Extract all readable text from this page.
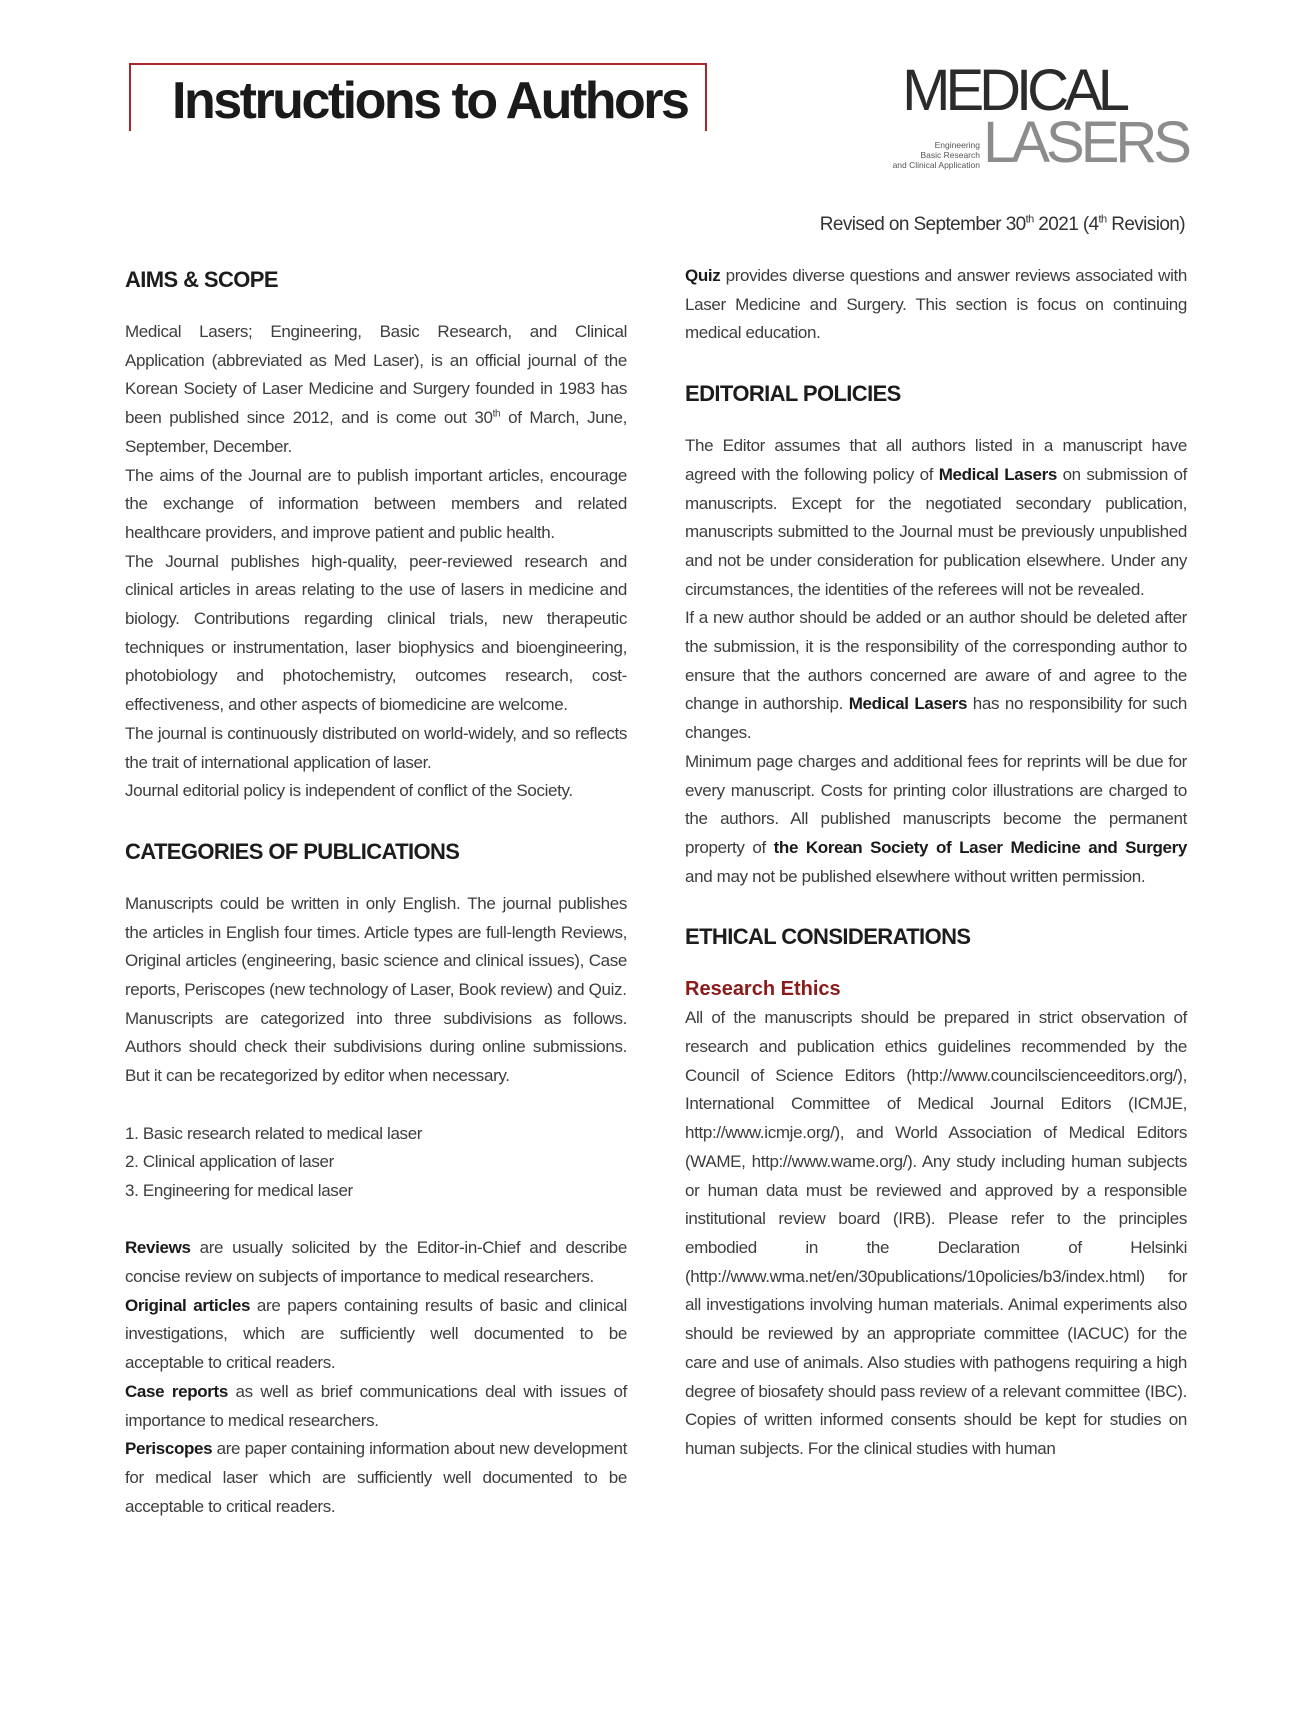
Instructions to Authors	MEDICAL
Engineering
Basic Research
and Clinical Application LASERS
Revised on September 30th 2021 (4th Revision)
AIMS & SCOPE

Medical Lasers; Engineering, Basic Research, and Clinical Application (abbreviated as Med Laser), is an official journal of the Korean Society of Laser Medicine and Surgery founded in 1983 has been published since 2012, and is come out 30th of March, June, September, December.

The aims of the Journal are to publish important articles, encourage the exchange of information between members and related healthcare providers, and improve patient and public health.

The Journal publishes high-quality, peer-reviewed research and clinical articles in areas relating to the use of lasers in medicine and biology. Contributions regarding clinical trials, new therapeutic techniques or instrumentation, laser biophysics and bioengineering, photobiology and photochemistry, outcomes research, cost-effectiveness, and other aspects of biomedicine are welcome.

The journal is continuously distributed on world-widely, and so reflects the trait of international application of laser.

Journal editorial policy is independent of conflict of the Society.

CATEGORIES OF PUBLICATIONS

Manuscripts could be written in only English. The journal publishes the articles in English four times. Article types are full-length Reviews, Original articles (engineering, basic science and clinical issues), Case reports, Periscopes (new technology of Laser, Book review) and Quiz.

Manuscripts are categorized into three subdivisions as follows. Authors should check their subdivisions during online submissions. But it can be recategorized by editor when necessary.

1. Basic research related to medical laser
2. Clinical application of laser
3. Engineering for medical laser

Reviews are usually solicited by the Editor-in-Chief and describe concise review on subjects of importance to medical researchers.

Original articles are papers containing results of basic and clinical investigations, which are sufficiently well documented to be acceptable to critical readers.

Case reports as well as brief communications deal with issues of importance to medical researchers.

Periscopes are paper containing information about new development for medical laser which are sufficiently well documented to be acceptable to critical readers.

Quiz provides diverse questions and answer reviews associated with Laser Medicine and Surgery. This section is focus on continuing medical education.

EDITORIAL POLICIES

The Editor assumes that all authors listed in a manuscript have agreed with the following policy of Medical Lasers on submission of manuscripts. Except for the negotiated secondary publication, manuscripts submitted to the Journal must be previously unpublished and not be under consideration for publication elsewhere. Under any circumstances, the identities of the referees will not be revealed.

If a new author should be added or an author should be deleted after the submission, it is the responsibility of the corresponding author to ensure that the authors concerned are aware of and agree to the change in authorship. Medical Lasers has no responsibility for such changes.

Minimum page charges and additional fees for reprints will be due for every manuscript. Costs for printing color illustrations are charged to the authors. All published manuscripts become the permanent property of the Korean Society of Laser Medicine and Surgery and may not be published elsewhere without written permission.

ETHICAL CONSIDERATIONS
Research Ethics

All of the manuscripts should be prepared in strict observation of research and publication ethics guidelines recommended by the Council of Science Editors (http://www.councilscienceeditors.org/), International Committee of Medical Journal Editors (ICMJE, http://www.icmje.org/), and World Association of Medical Editors (WAME, http://www.wame.org/). Any study including human subjects or human data must be reviewed and approved by a responsible institutional review board (IRB). Please refer to the principles embodied in the Declaration of Helsinki (http://www.wma.net/en/30publications/10policies/b3/index.html) for all investigations involving human materials. Animal experiments also should be reviewed by an appropriate committee (IACUC) for the care and use of animals. Also studies with pathogens requiring a high degree of biosafety should pass review of a relevant committee (IBC). Copies of written informed consents should be kept for studies on human subjects. For the clinical studies with human
